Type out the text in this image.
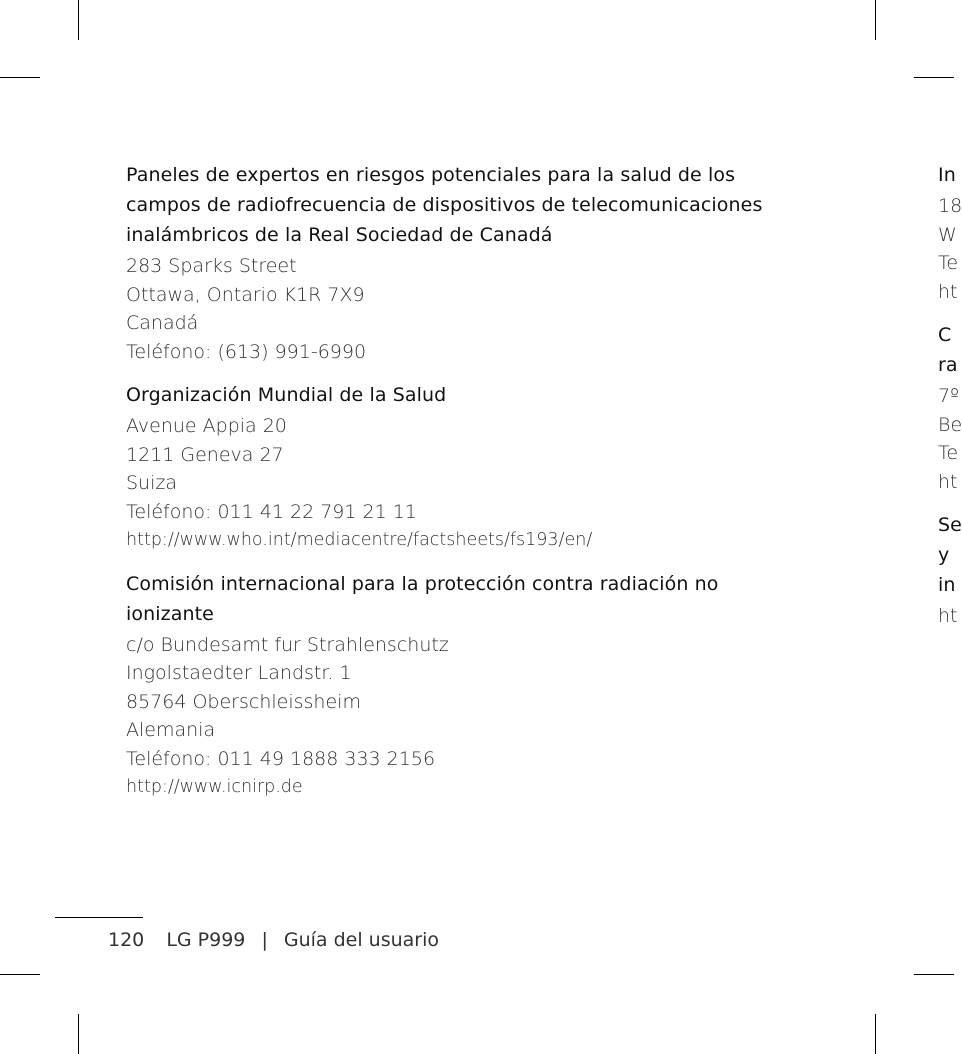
Paneles de expertos en riesgos potenciales para la salud de los
campos de radiofrecuencia de dispositivos de telecomunicaciones
inalámbricos de la Real Sociedad de Canadá
283 Sparks Street
Ottawa, Ontario K1R 7X9
Canadá
Teléfono: (613) 991-6990
Organización Mundial de la Salud
Avenue Appia 20
1211 Geneva 27
Suiza
Teléfono: 011 41 22 791 21 11
http://www.who.int/mediacentre/factsheets/fs193/en/
Comisión internacional para la protección contra radiación no
ionizante
c/o Bundesamt fur Strahlenschutz
Ingolstaedter Landstr. 1
85764 Oberschleissheim
Alemania
Teléfono: 011 49 1888 333 2156
http://www.icnirp.de
In
18
W
Te
ht
C
ra
7º
Be
Te
ht
Se
y
in
ht
120 LG P999 | Guía del usuario
